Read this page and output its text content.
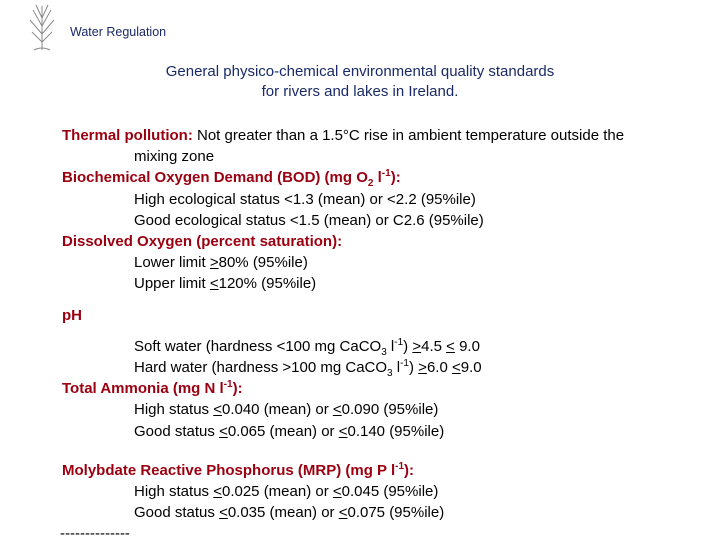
Water Regulation
General physico-chemical environmental quality standards
for rivers and lakes in Ireland.
Thermal pollution: Not greater than a 1.5°C rise in ambient temperature outside the
mixing zone
Biochemical Oxygen Demand (BOD) (mg $O_2$ $l^{-1}$):
High ecological status <1.3 (mean) or <2.2 (95%ile)
Good ecological status <1.5 (mean) or C2.6 (95%ile)
Dissolved Oxygen (percent saturation):
Lower limit >80% (95%ile)
Upper limit <120% (95%ile)
pH
Soft water (hardness <100 mg CaCO$_3$ $l^{-1}) >4.5 < 9.0$
Hard water (hardness >100 mg CaCO$_3$ $l^{-1}) >6.0 <9.0$
Total Ammonia (mg N $l^{-1}$):
High status <0.040 (mean) or <0.090 (95%ile)
Good status <0.065 (mean) or <0.140 (95%ile)
Molybdate Reactive Phosphorus (MRP) (mg P $l^{-1}$):
High status <0.025 (mean) or <0.045 (95%ile)
Good status <0.035 (mean) or <0.075 (95%ile)
--------------
